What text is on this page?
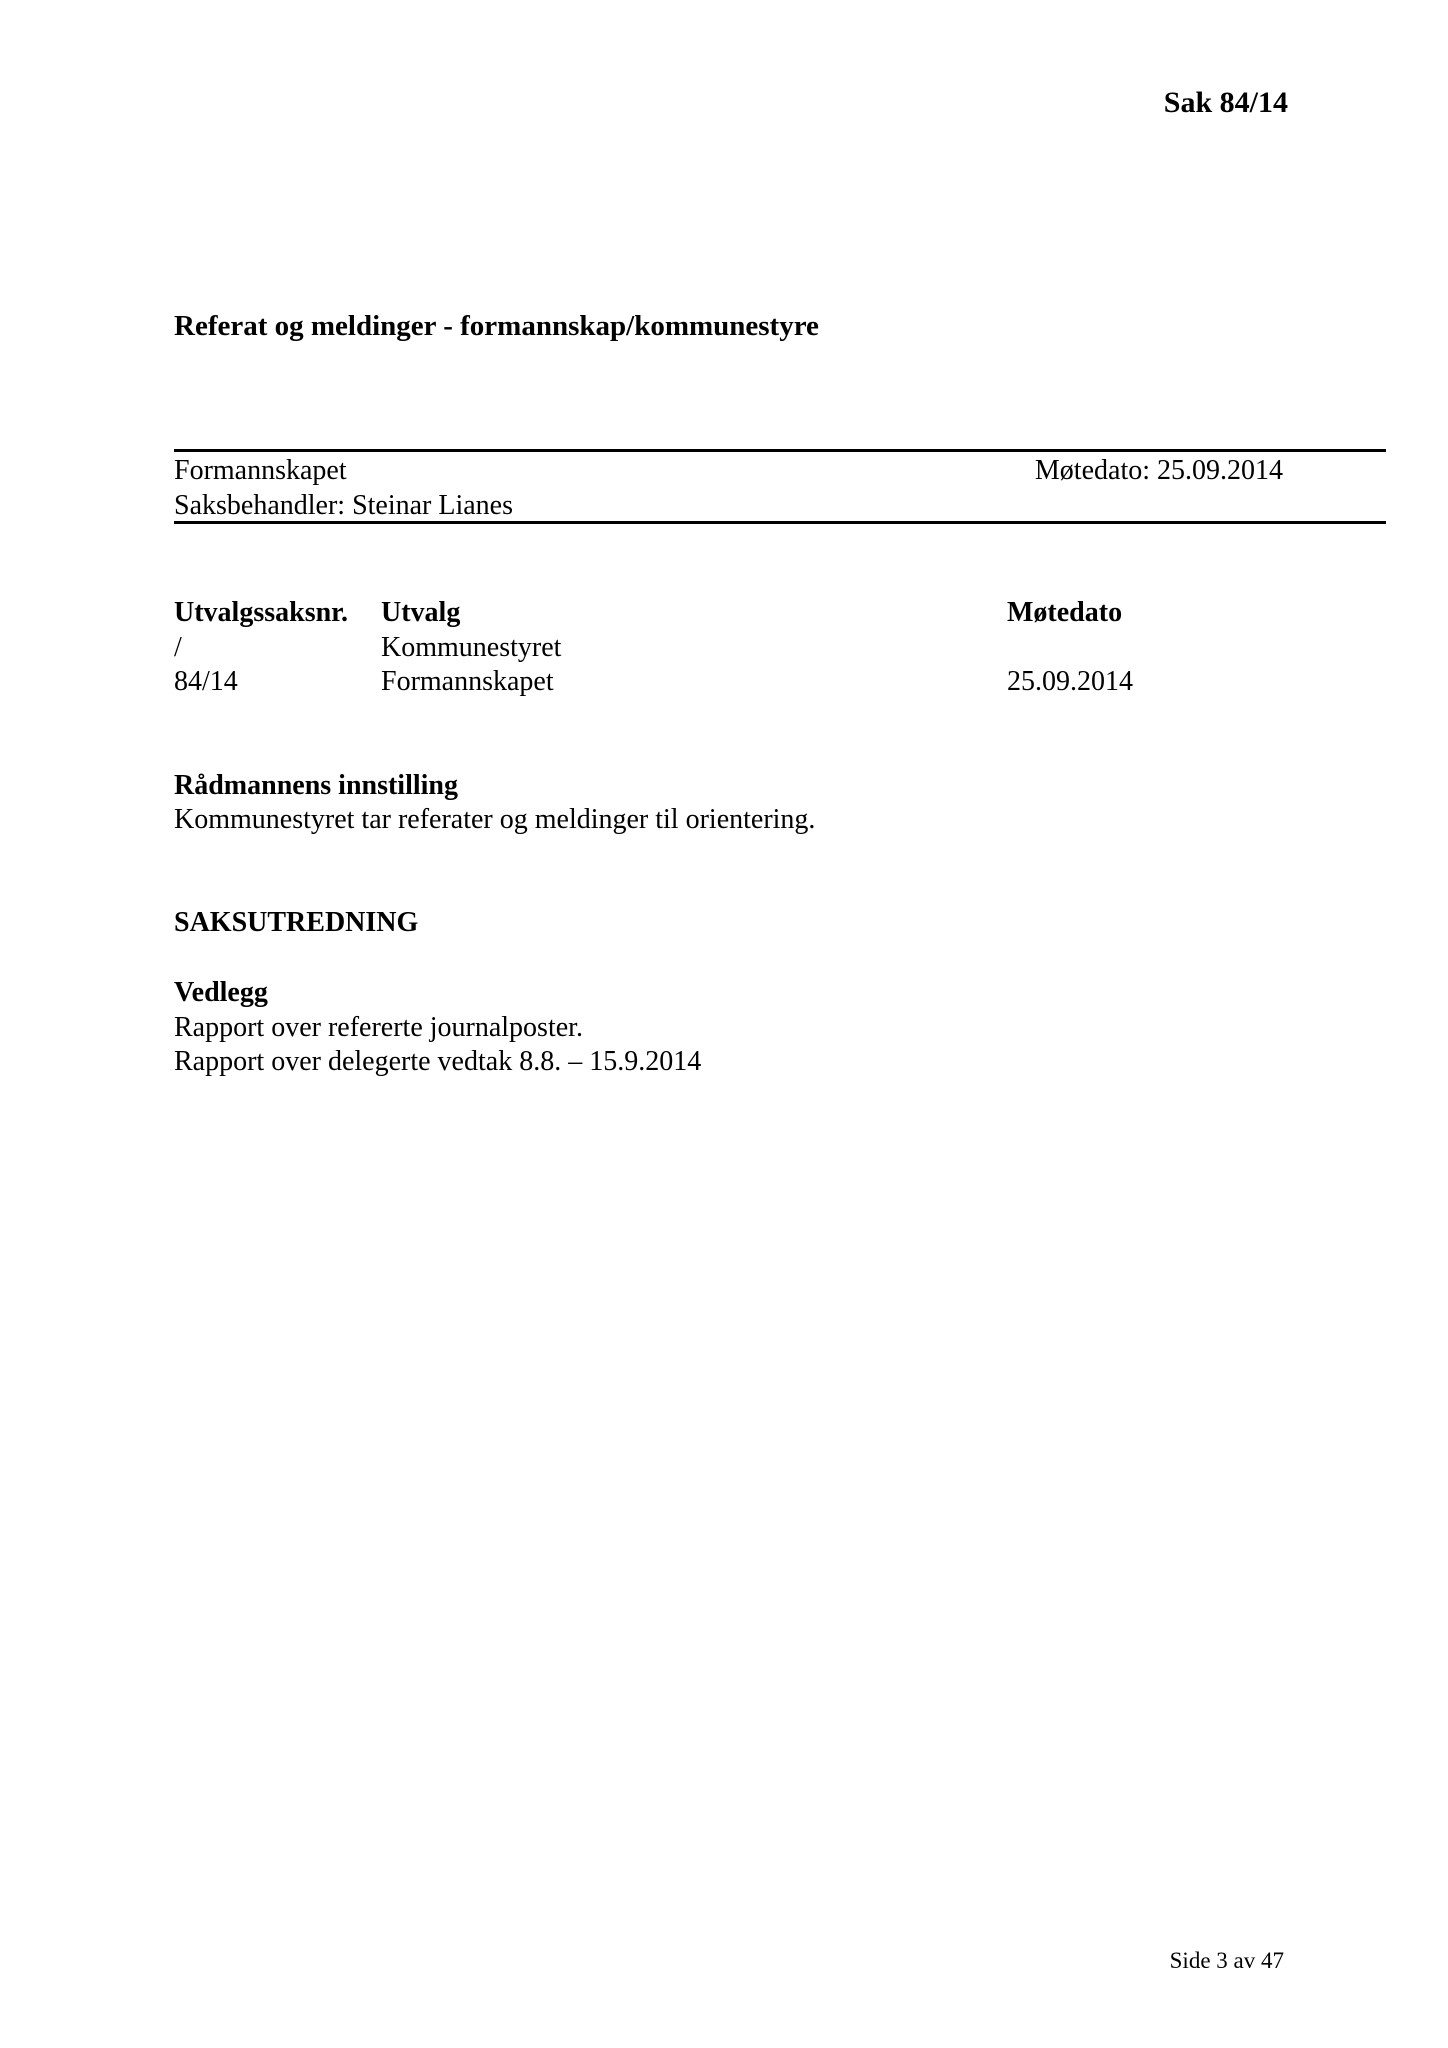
Sak 84/14
Referat og meldinger - formannskap/kommunestyre
Formannskapet	Møtedato: 25.09.2014
Saksbehandler: Steinar Lianes
Utvalgssaksnr. Utvalg	Møtedato
/	Kommunestyret
84/14	Formannskapet	25.09.2014
Rådmannens innstilling
Kommunestyret tar referater og meldinger til orientering.
SAKSUTREDNING
Vedlegg
Rapport over refererte journalposter.
Rapport over delegerte vedtak 8.8. – 15.9.2014
Side 3 av 47
